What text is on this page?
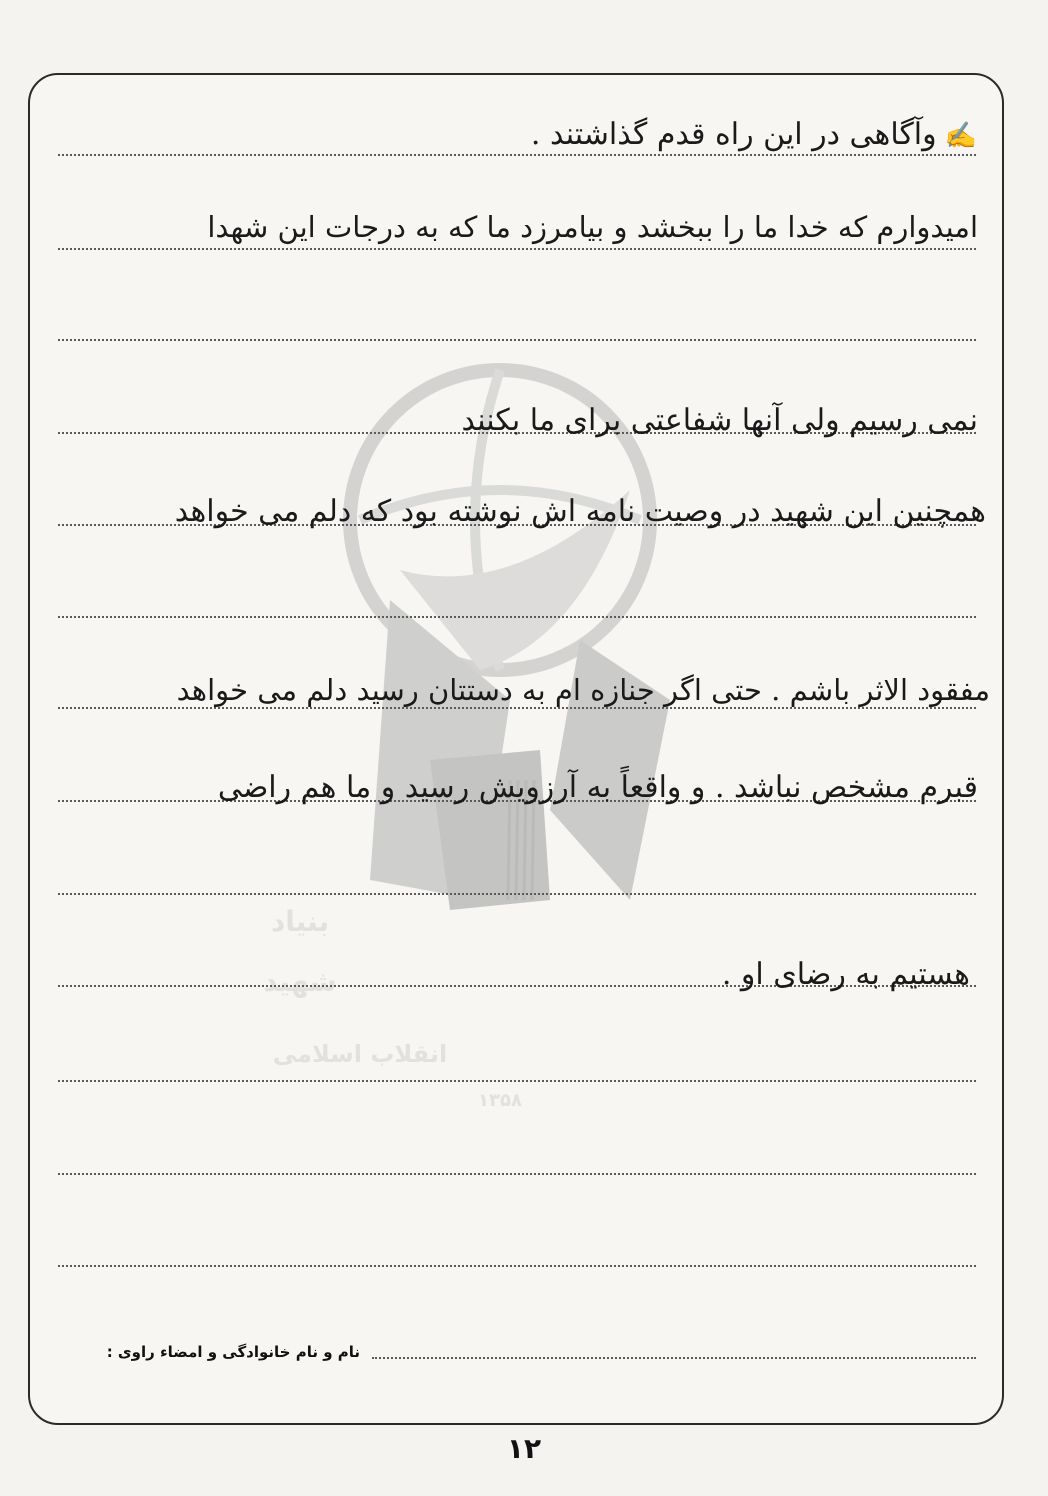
بنیاد
شهید
انقلاب اسلامی
۱۳۵۸
✍وآگاهی در این راه قدم گذاشتند .
امیدوارم که خدا ما را ببخشد و بیامرزد ما که به درجات این شهدا
نمی رسیم ولی آنها شفاعتی برای ما بکنند
همچنین این شهید در وصیت نامه اش نوشته بود که دلم می خواهد
مفقود الاثر باشم . حتی اگر جنازه ام به دستتان رسید دلم می خواهد
قبرم مشخص نباشد . و واقعاً به آرزویش رسید و ما هم راضی
هستیم به رضای او .
نام و نام خانوادگی و امضاء راوی :
۱۲
